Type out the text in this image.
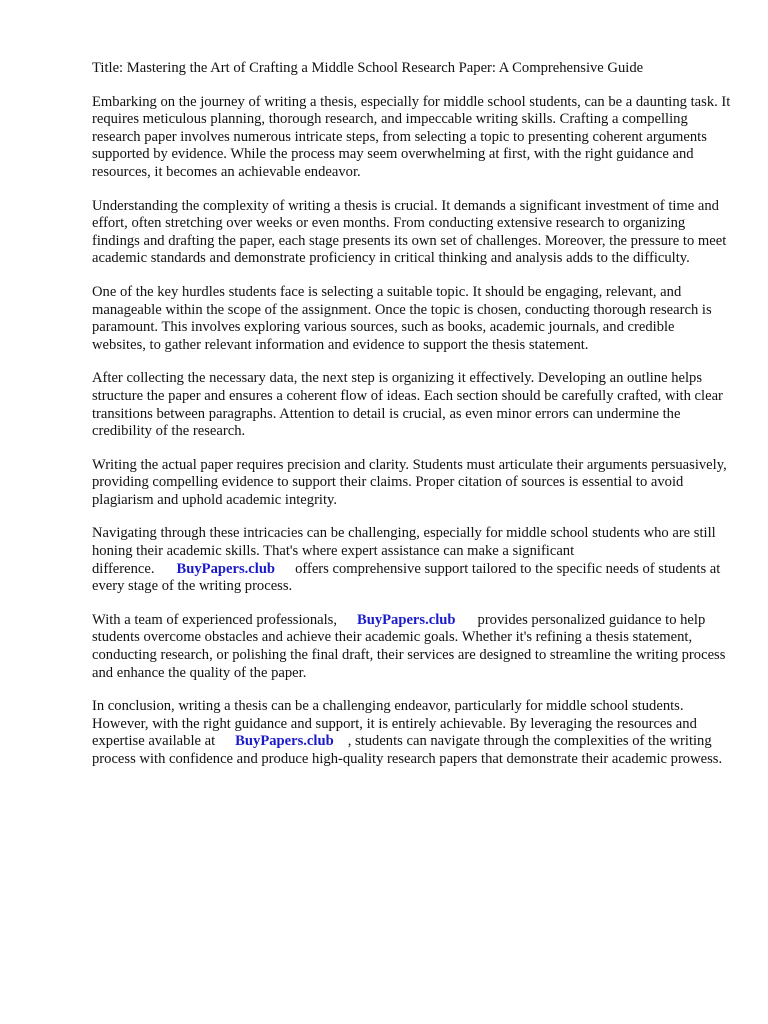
Title: Mastering the Art of Crafting a Middle School Research Paper: A Comprehensive Guide

Embarking on the journey of writing a thesis, especially for middle school students, can be a daunting task. It requires meticulous planning, thorough research, and impeccable writing skills. Crafting a compelling research paper involves numerous intricate steps, from selecting a topic to presenting coherent arguments supported by evidence. While the process may seem overwhelming at first, with the right guidance and resources, it becomes an achievable endeavor.

Understanding the complexity of writing a thesis is crucial. It demands a significant investment of time and effort, often stretching over weeks or even months. From conducting extensive research to organizing findings and drafting the paper, each stage presents its own set of challenges. Moreover, the pressure to meet academic standards and demonstrate proficiency in critical thinking and analysis adds to the difficulty.

One of the key hurdles students face is selecting a suitable topic. It should be engaging, relevant, and manageable within the scope of the assignment. Once the topic is chosen, conducting thorough research is paramount. This involves exploring various sources, such as books, academic journals, and credible websites, to gather relevant information and evidence to support the thesis statement.

After collecting the necessary data, the next step is organizing it effectively. Developing an outline helps structure the paper and ensures a coherent flow of ideas. Each section should be carefully crafted, with clear transitions between paragraphs. Attention to detail is crucial, as even minor errors can undermine the credibility of the research.

Writing the actual paper requires precision and clarity. Students must articulate their arguments persuasively, providing compelling evidence to support their claims. Proper citation of sources is essential to avoid plagiarism and uphold academic integrity.

Navigating through these intricacies can be challenging, especially for middle school students who are still honing their academic skills. That's where expert assistance can make a significant difference. BuyPapers.club offers comprehensive support tailored to the specific needs of students at every stage of the writing process.

With a team of experienced professionals, BuyPapers.club provides personalized guidance to help students overcome obstacles and achieve their academic goals. Whether it's refining a thesis statement, conducting research, or polishing the final draft, their services are designed to streamline the writing process and enhance the quality of the paper.

In conclusion, writing a thesis can be a challenging endeavor, particularly for middle school students. However, with the right guidance and support, it is entirely achievable. By leveraging the resources and expertise available at BuyPapers.club , students can navigate through the complexities of the writing process with confidence and produce high-quality research papers that demonstrate their academic prowess.
